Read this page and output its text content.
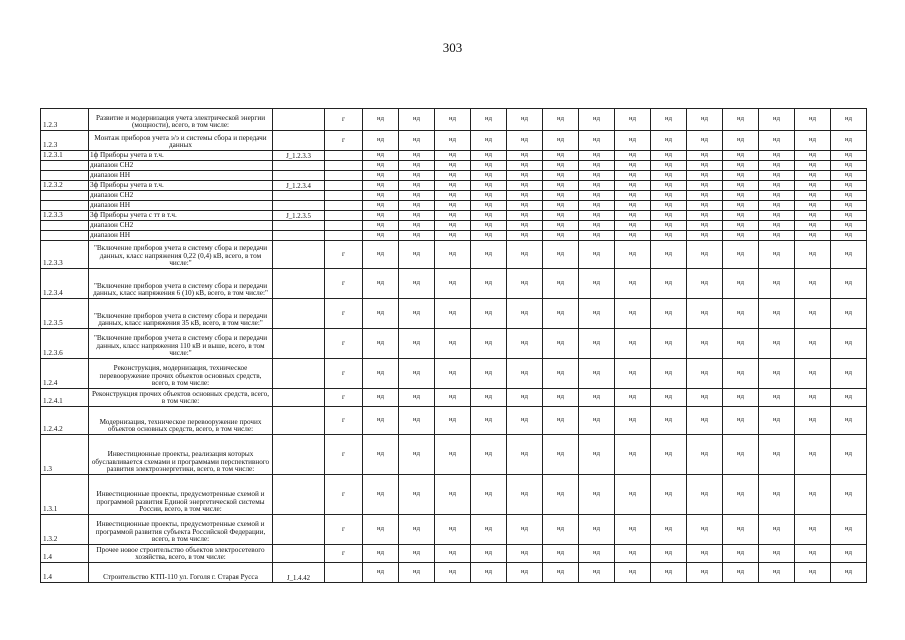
303
1.2.3	Развитие и модернизация учета электрической энергии (мощности), всего, в том числе:		г	нд	нд	нд	нд	нд	нд	нд	нд	нд	нд	нд	нд	нд	нд
1.2.3	Монтаж приборов учета э/э и системы сбора и передачи данных		г	нд	нд	нд	нд	нд	нд	нд	нд	нд	нд	нд	нд	нд	нд
1.2.3.1	1ф Приборы учета в т.ч.	J_1.2.3.3		нд	нд	нд	нд	нд	нд	нд	нд	нд	нд	нд	нд	нд	нд
	диапазон СН2			нд	нд	нд	нд	нд	нд	нд	нд	нд	нд	нд	нд	нд	нд
	диапазон НН			нд	нд	нд	нд	нд	нд	нд	нд	нд	нд	нд	нд	нд	нд
1.2.3.2	3ф Приборы учета в т.ч.	J_1.2.3.4		нд	нд	нд	нд	нд	нд	нд	нд	нд	нд	нд	нд	нд	нд
	диапазон СН2			нд	нд	нд	нд	нд	нд	нд	нд	нд	нд	нд	нд	нд	нд
	диапазон НН			нд	нд	нд	нд	нд	нд	нд	нд	нд	нд	нд	нд	нд	нд
1.2.3.3	3ф Приборы учета с тт в т.ч.	J_1.2.3.5		нд	нд	нд	нд	нд	нд	нд	нд	нд	нд	нд	нд	нд	нд
	диапазон СН2			нд	нд	нд	нд	нд	нд	нд	нд	нд	нд	нд	нд	нд	нд
	диапазон НН			нд	нд	нд	нд	нд	нд	нд	нд	нд	нд	нд	нд	нд	нд
1.2.3.3	"Включение приборов учета в систему сбора и передачи данных, класс напряжения 0,22 (0,4) кВ, всего, в том числе:"		г	нд	нд	нд	нд	нд	нд	нд	нд	нд	нд	нд	нд	нд	нд
1.2.3.4	"Включение приборов учета в систему сбора и передачи данных, класс напряжения 6 (10) кВ, всего, в том числе:"		г	нд	нд	нд	нд	нд	нд	нд	нд	нд	нд	нд	нд	нд	нд
1.2.3.5	"Включение приборов учета в систему сбора и передачи данных, класс напряжения 35 кВ, всего, в том числе:"		г	нд	нд	нд	нд	нд	нд	нд	нд	нд	нд	нд	нд	нд	нд
1.2.3.6	"Включение приборов учета в систему сбора и передачи данных, класс напряжения 110 кВ и выше, всего, в том числе:"		г	нд	нд	нд	нд	нд	нд	нд	нд	нд	нд	нд	нд	нд	нд
1.2.4	Реконструкция, модернизация, техническое перевооружение прочих объектов основных средств, всего, в том числе:		г	нд	нд	нд	нд	нд	нд	нд	нд	нд	нд	нд	нд	нд	нд
1.2.4.1	Реконструкция прочих объектов основных средств, всего, в том числе:		г	нд	нд	нд	нд	нд	нд	нд	нд	нд	нд	нд	нд	нд	нд
1.2.4.2	Модернизация, техническое перевооружение прочих объектов основных средств, всего, в том числе:		г	нд	нд	нд	нд	нд	нд	нд	нд	нд	нд	нд	нд	нд	нд
1.3	Инвестиционные проекты, реализация которых обуславливается схемами и программами перспективного развития электроэнергетики, всего, в том числе:		г	нд	нд	нд	нд	нд	нд	нд	нд	нд	нд	нд	нд	нд	нд
1.3.1	Инвестиционные проекты, предусмотренные схемой и программой развития Единой энергетической системы России, всего, в том числе:		г	нд	нд	нд	нд	нд	нд	нд	нд	нд	нд	нд	нд	нд	нд
1.3.2	Инвестиционные проекты, предусмотренные схемой и программой развития субъекта Российской Федерации, всего, в том числе:		г	нд	нд	нд	нд	нд	нд	нд	нд	нд	нд	нд	нд	нд	нд
1.4	Прочее новое строительство объектов электросетевого хозяйства, всего, в том числе:		г	нд	нд	нд	нд	нд	нд	нд	нд	нд	нд	нд	нд	нд	нд
1.4	Строительство КТП-110 ул. Гоголя г. Старая Русса	J_1.4.42		нд	нд	нд	нд	нд	нд	нд	нд	нд	нд	нд	нд	нд	нд
